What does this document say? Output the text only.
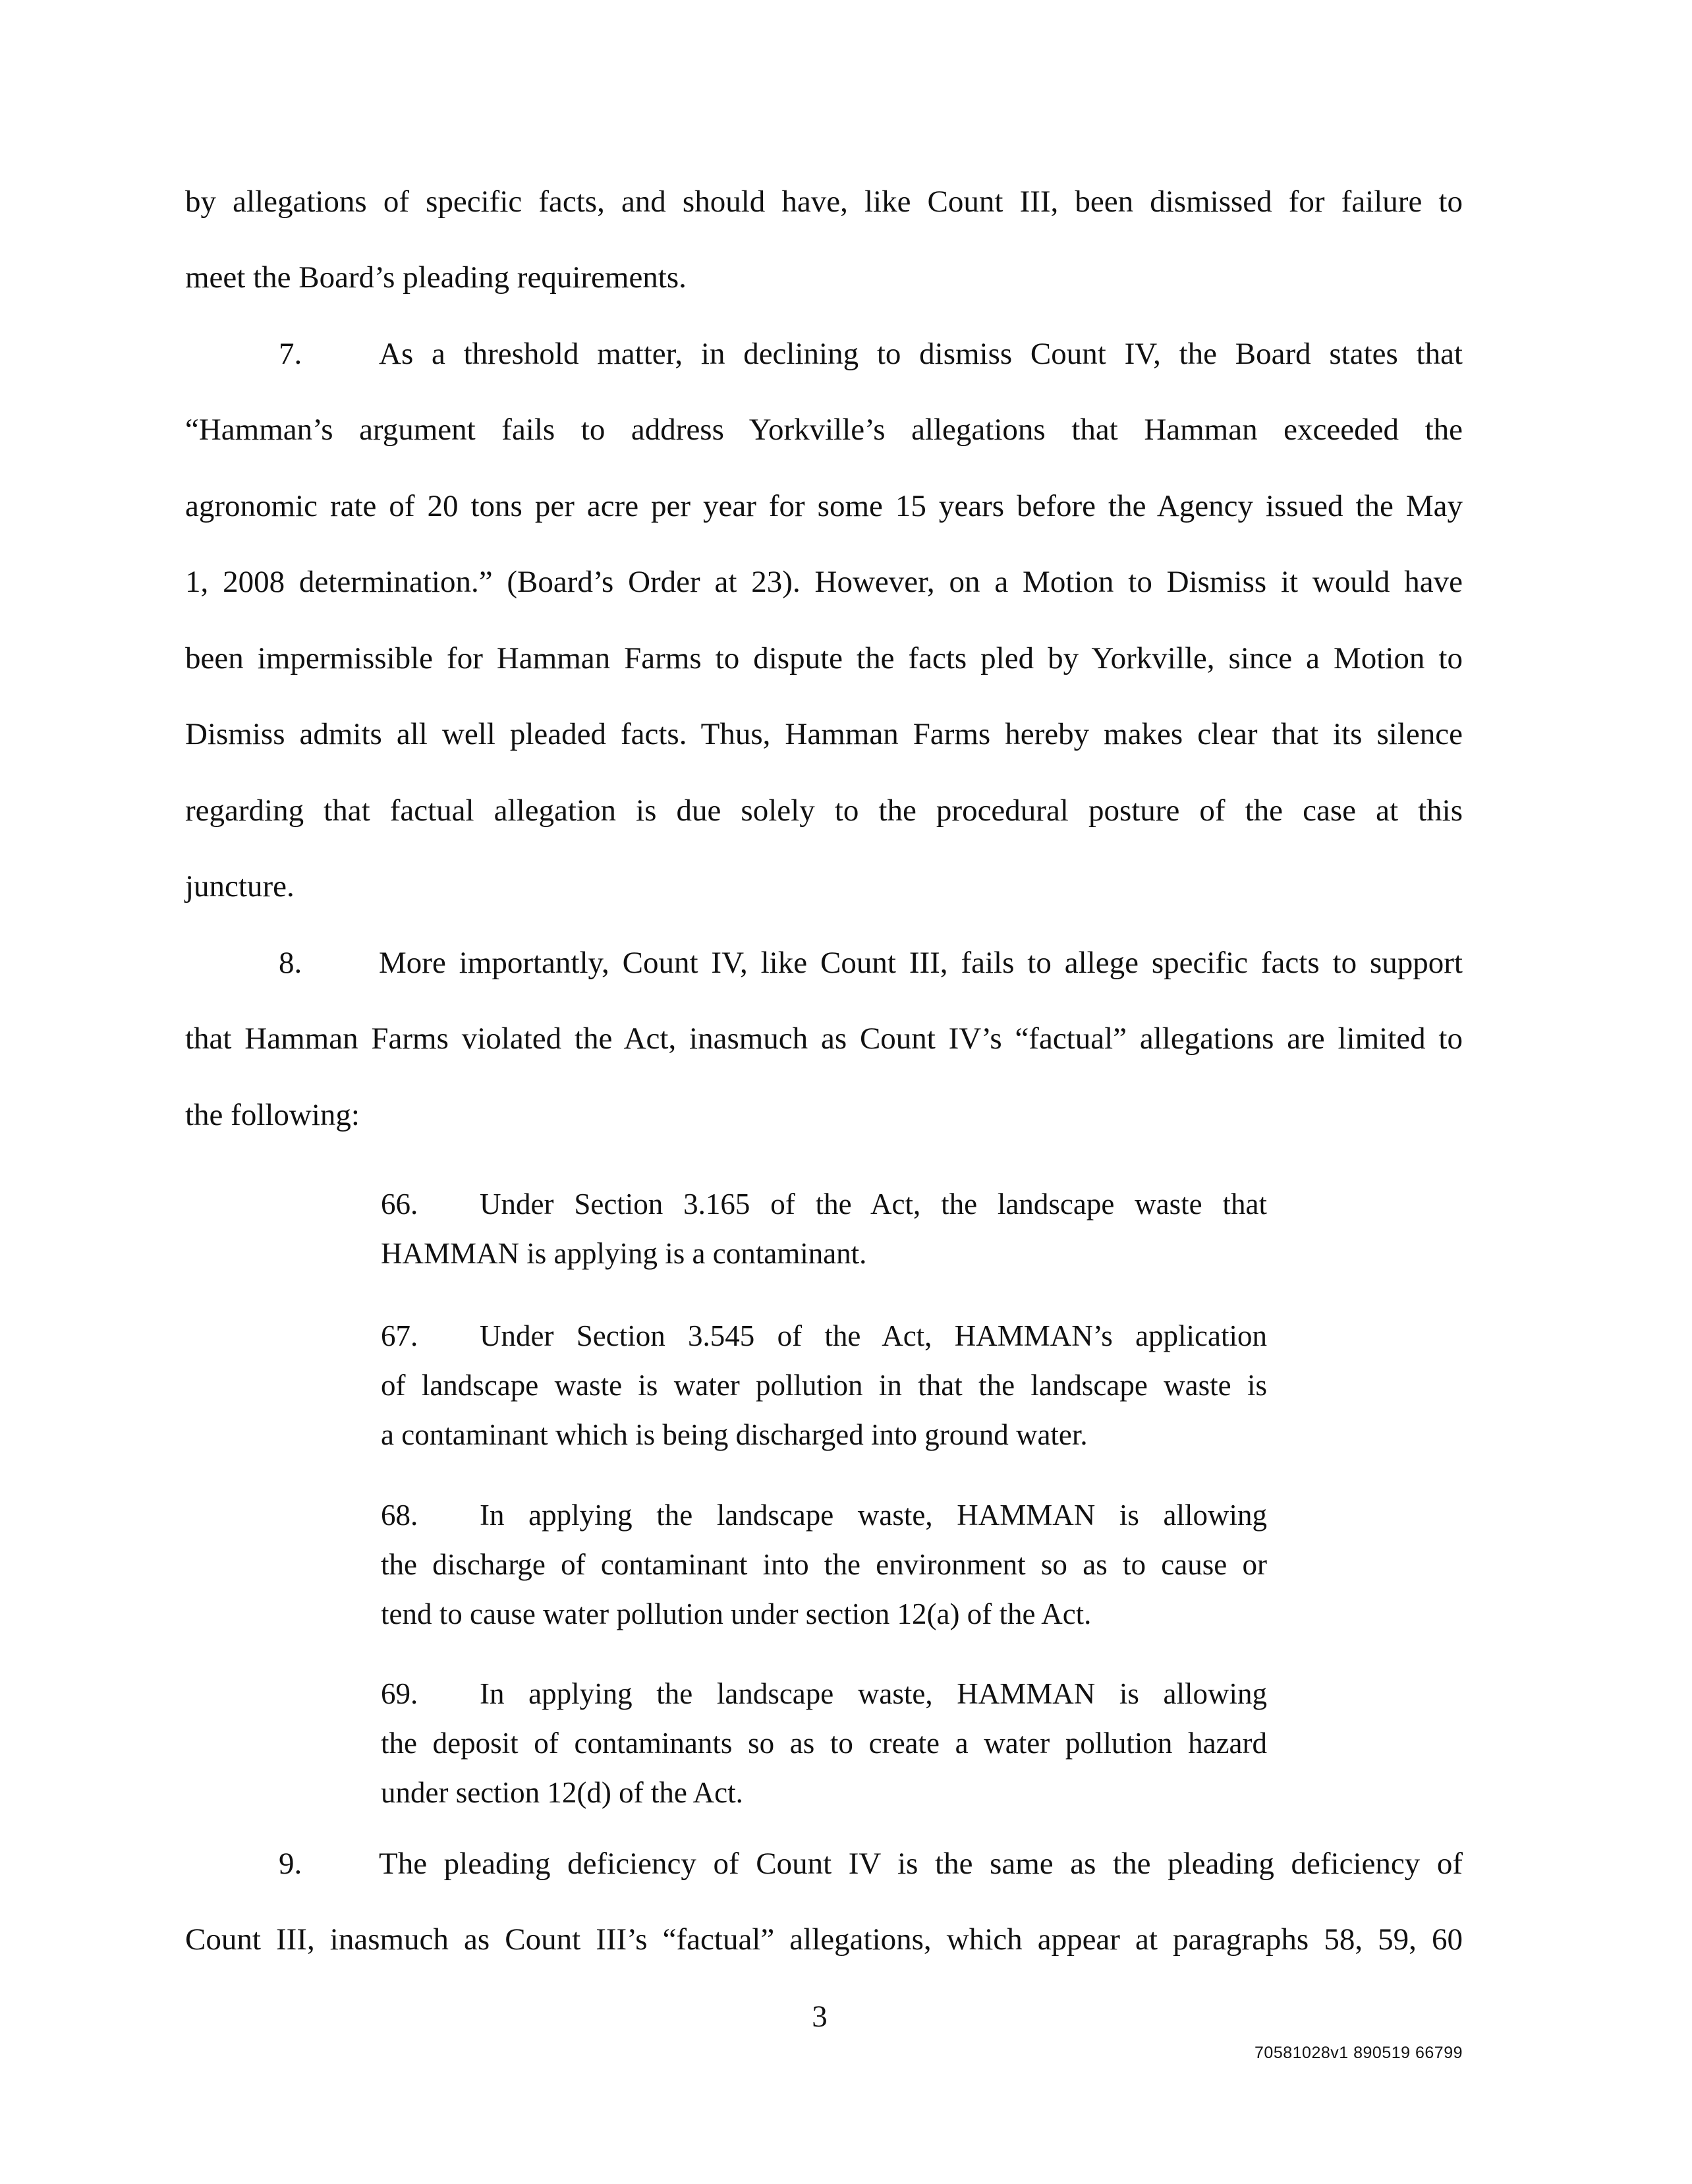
by allegations of specific facts, and should have, like Count III, been dismissed for failure to
meet the Board’s pleading requirements.
7. As a threshold matter, in declining to dismiss Count IV, the Board states that
“Hamman’s argument fails to address Yorkville’s allegations that Hamman exceeded the
agronomic rate of 20 tons per acre per year for some 15 years before the Agency issued the May
1, 2008 determination.” (Board’s Order at 23). However, on a Motion to Dismiss it would have
been impermissible for Hamman Farms to dispute the facts pled by Yorkville, since a Motion to
Dismiss admits all well pleaded facts. Thus, Hamman Farms hereby makes clear that its silence
regarding that factual allegation is due solely to the procedural posture of the case at this
juncture.
8. More importantly, Count IV, like Count III, fails to allege specific facts to support
that Hamman Farms violated the Act, inasmuch as Count IV’s “factual” allegations are limited to
the following:
66. Under Section 3.165 of the Act, the landscape waste that
HAMMAN is applying is a contaminant.
67. Under Section 3.545 of the Act, HAMMAN’s application
of landscape waste is water pollution in that the landscape waste is
a contaminant which is being discharged into ground water.
68. In applying the landscape waste, HAMMAN is allowing
the discharge of contaminant into the environment so as to cause or
tend to cause water pollution under section 12(a) of the Act.
69. In applying the landscape waste, HAMMAN is allowing
the deposit of contaminants so as to create a water pollution hazard
under section 12(d) of the Act.
9. The pleading deficiency of Count IV is the same as the pleading deficiency of
Count III, inasmuch as Count III’s “factual” allegations, which appear at paragraphs 58, 59, 60
3
70581028v1 890519 66799
